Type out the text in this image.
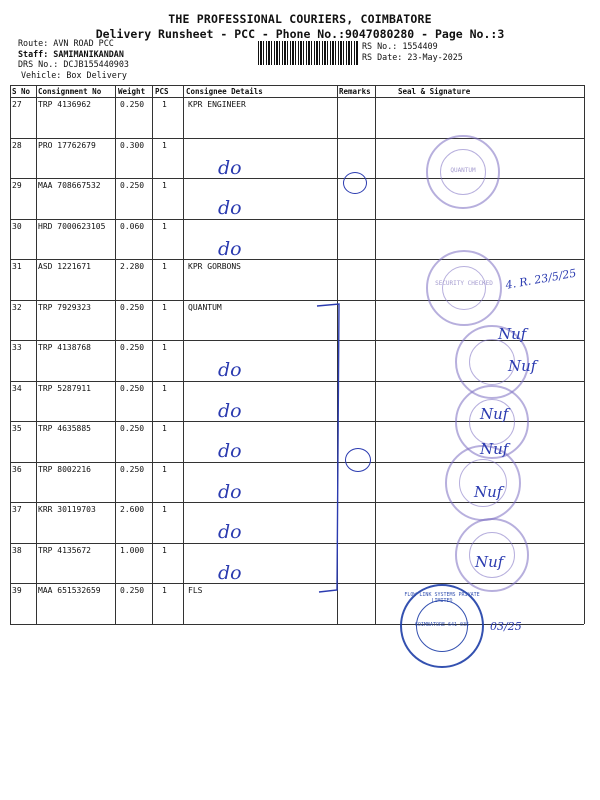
THE PROFESSIONAL COURIERS, COIMBATORE
Delivery Runsheet - PCC - Phone No.:9047080280 - Page No.:3
Route: AVN ROAD PCC
Staff: SAMIMANIKANDAN
DRS No.: DCJB155440903
Vehicle: Box Delivery
RS No.: 1554409
RS Date: 23-May-2025
S No Consignment No Weight PCS Consignee Details	Remarks	Seal & Signature
27 TRP 4136962	0.250 1	KPR ENGINEER
28 PRO 17762679	0.300 1
do
29 MAA 708667532 0.250 1
do
30 HRD 7000623105 0.060 1
do
31 ASD 1221671	2.280 1	KPR GORBONS
32 TRP 7929323	0.250 1	QUANTUM
33 TRP 4138768	0.250 1
do
34 TRP 5287911	0.250 1
do
35 TRP 4635885	0.250 1
do
36 TRP 8002216	0.250 1
do
37 KRR 30119703	2.600 1
do
38 TRP 4135672	1.000 1
do
39 MAA 651532659 0.250 1	FLS
QUANTUM
SECURITY CHECKED
FLOW LINK SYSTEMS PRIVATE LIMITED
COIMBATORE 641 035
4. R. 23/5/25
03/25
Nuf
Nuf
Nuf
Nuf
Nuf
Nuf
